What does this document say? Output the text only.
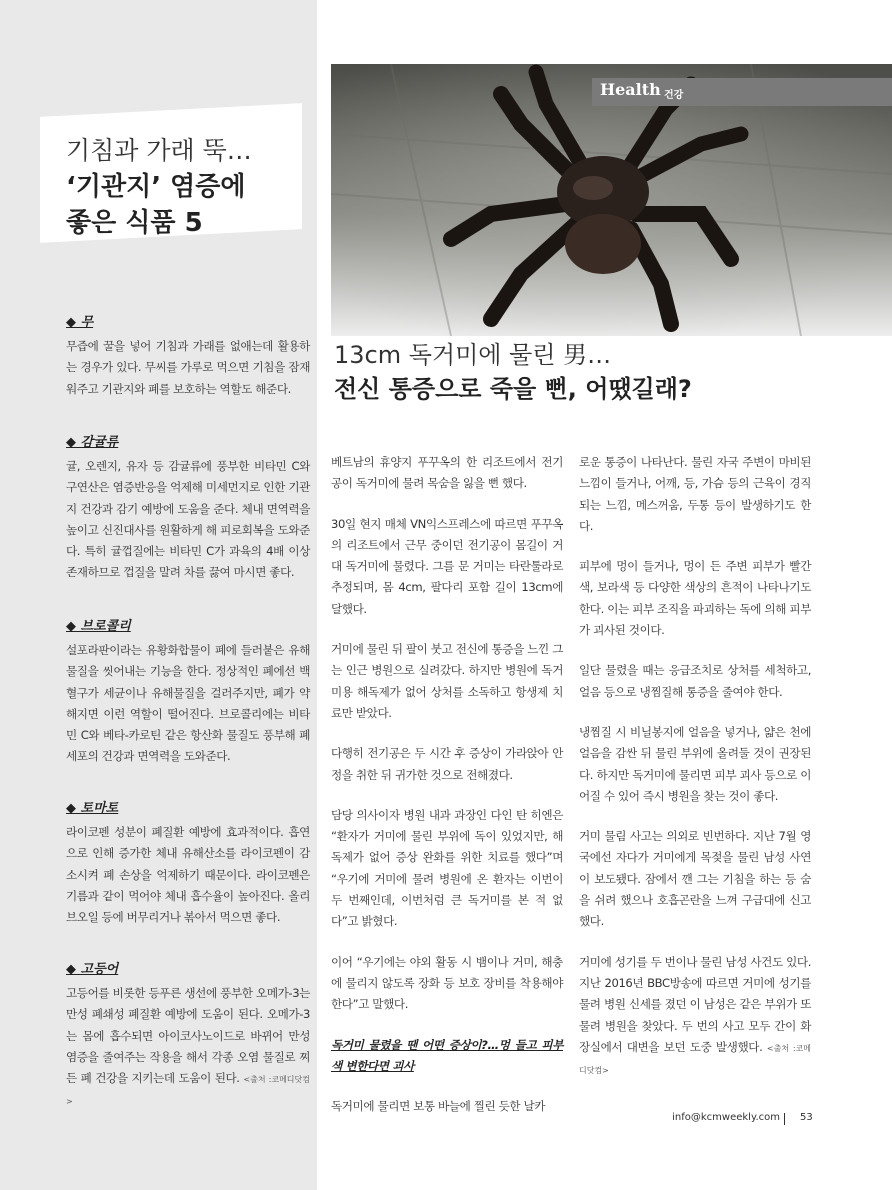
기침과 가래 뚝…
‘기관지’ 염증에
좋은 식품 5
◆ 무

무즙에 꿀을 넣어 기침과 가래를 없애는데 활용하는 경우가 있다. 무씨를 가루로 먹으면 기침을 잠재워주고 기관지와 폐를 보호하는 역할도 해준다.

◆ 감귤류

귤, 오렌지, 유자 등 감귤류에 풍부한 비타민 C와 구연산은 염증반응을 억제해 미세먼지로 인한 기관지 건강과 감기 예방에 도움을 준다. 체내 면역력을 높이고 신진대사를 원활하게 해 피로회복을 도와준다. 특히 귤껍질에는 비타민 C가 과육의 4배 이상 존재하므로 껍질을 말려 차를 끓여 마시면 좋다.

◆ 브로콜리

설포라판이라는 유황화합물이 폐에 들러붙은 유해물질을 씻어내는 기능을 한다. 정상적인 폐에선 백혈구가 세균이나 유해물질을 걸러주지만, 폐가 약해지면 이런 역할이 떨어진다. 브로콜리에는 비타민 C와 베타-카로틴 같은 항산화 물질도 풍부해 폐 세포의 건강과 면역력을 도와준다.

◆ 토마토

라이코펜 성분이 폐질환 예방에 효과적이다. 흡연으로 인해 증가한 체내 유해산소를 라이코펜이 감소시켜 폐 손상을 억제하기 때문이다. 라이코펜은 기름과 같이 먹어야 체내 흡수율이 높아진다. 올리브오일 등에 버무리거나 볶아서 먹으면 좋다.

◆ 고등어

고등어를 비롯한 등푸른 생선에 풍부한 오메가-3는 만성 폐쇄성 폐질환 예방에 도움이 된다. 오메가-3는 몸에 흡수되면 아이코사노이드로 바뀌어 만성 염증을 줄여주는 작용을 해서 각종 오염 물질로 찌든 폐 건강을 지키는데 도움이 된다. <출처 :코메디닷컴>

Health 건강
13cm 독거미에 물린 男…
전신 통증으로 죽을 뻔, 어땠길래?

베트남의 휴양지 푸꾸옥의 한 리조트에서 전기공이 독거미에 물려 목숨을 잃을 뻔 했다.

30일 현지 매체 VN익스프레스에 따르면 푸꾸옥의 리조트에서 근무 중이던 전기공이 몸길이 거대 독거미에 물렸다. 그를 문 거미는 타란툴라로 추정되며, 몸 4cm, 팔다리 포함 길이 13cm에 달했다.

거미에 물린 뒤 팔이 붓고 전신에 통증을 느낀 그는 인근 병원으로 실려갔다. 하지만 병원에 독거미용 해독제가 없어 상처를 소독하고 항생제 치료만 받았다.

다행히 전기공은 두 시간 후 증상이 가라앉아 안정을 취한 뒤 귀가한 것으로 전해졌다.

담당 의사이자 병원 내과 과장인 다인 탄 히엔은 “환자가 거미에 물린 부위에 독이 있었지만, 해독제가 없어 증상 완화를 위한 치료를 했다”며 “우기에 거미에 물려 병원에 온 환자는 이번이 두 번째인데, 이번처럼 큰 독거미를 본 적 없다”고 밝혔다.

이어 “우기에는 야외 활동 시 뱀이나 거미, 해충에 물리지 않도록 장화 등 보호 장비를 착용해야 한다”고 말했다.

독거미 물렸을 땐 어떤 증상이?…멍 들고 피부색 변한다면 괴사

독거미에 물리면 보통 바늘에 찔린 듯한 날카

로운 통증이 나타난다. 물린 자국 주변이 마비된 느낌이 들거나, 어깨, 등, 가슴 등의 근육이 경직되는 느낌, 메스꺼움, 두통 등이 발생하기도 한다.

피부에 멍이 들거나, 멍이 든 주변 피부가 빨간색, 보라색 등 다양한 색상의 흔적이 나타나기도 한다. 이는 피부 조직을 파괴하는 독에 의해 피부가 괴사된 것이다.

일단 물렸을 때는 응급조치로 상처를 세척하고, 얼음 등으로 냉찜질해 통증을 줄여야 한다.

냉찜질 시 비닐봉지에 얼음을 넣거나, 얇은 천에 얼음을 감싼 뒤 물린 부위에 올려둘 것이 권장된다. 하지만 독거미에 물리면 피부 괴사 등으로 이어질 수 있어 즉시 병원을 찾는 것이 좋다.

거미 물림 사고는 의외로 빈번하다. 지난 7월 영국에선 자다가 거미에게 목젖을 물린 남성 사연이 보도됐다. 잠에서 깬 그는 기침을 하는 등 숨을 쉬려 했으나 호흡곤란을 느껴 구급대에 신고했다.

거미에 성기를 두 번이나 물린 남성 사건도 있다. 지난 2016년 BBC방송에 따르면 거미에 성기를 물려 병원 신세를 졌던 이 남성은 같은 부위가 또 물려 병원을 찾았다. 두 번의 사고 모두 간이 화장실에서 대변을 보던 도중 발생했다. <출처 :코메디닷컴>

info@kcmweekly.com 53
